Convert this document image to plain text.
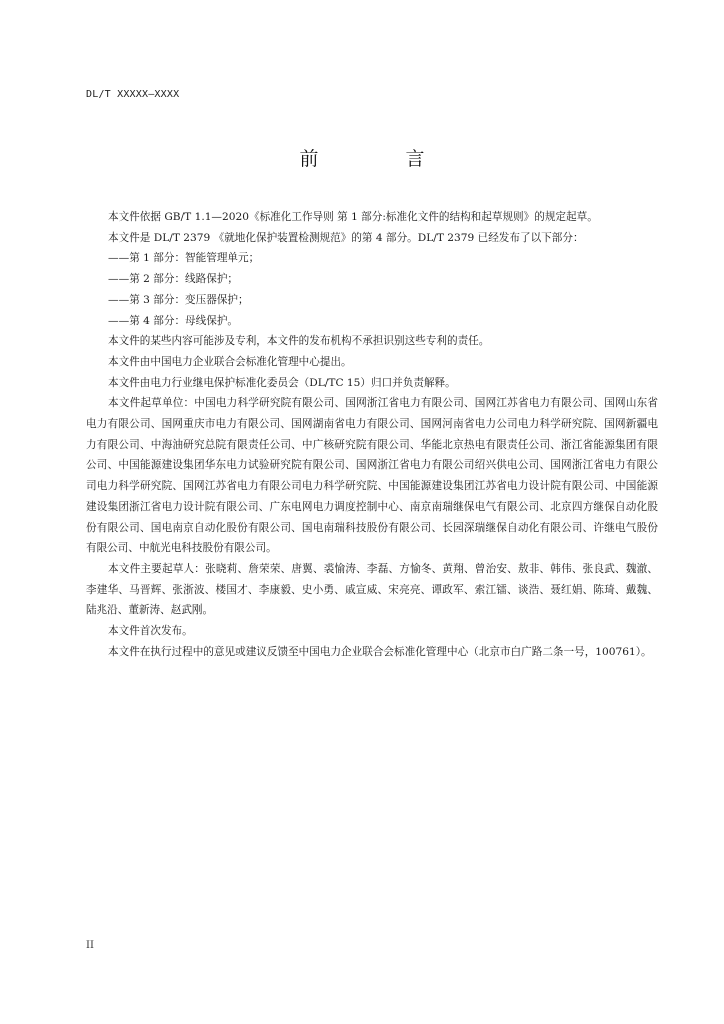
DL/T XXXXX—XXXX
前　言

本文件依据 GB/T 1.1—2020《标准化工作导则 第 1 部分:标准化文件的结构和起草规则》的规定起草。

本文件是 DL/T 2379 《就地化保护装置检测规范》的第 4 部分。DL/T 2379 已经发布了以下部分：

——第 1 部分：智能管理单元；

——第 2 部分：线路保护；

——第 3 部分：变压器保护；

——第 4 部分：母线保护。

本文件的某些内容可能涉及专利，本文件的发布机构不承担识别这些专利的责任。

本文件由中国电力企业联合会标准化管理中心提出。

本文件由电力行业继电保护标准化委员会（DL/TC 15）归口并负责解释。

本文件起草单位：中国电力科学研究院有限公司、国网浙江省电力有限公司、国网江苏省电力有限公司、国网山东省电力有限公司、国网重庆市电力有限公司、国网湖南省电力有限公司、国网河南省电力公司电力科学研究院、国网新疆电力有限公司、中海油研究总院有限责任公司、中广核研究院有限公司、华能北京热电有限责任公司、浙江省能源集团有限公司、中国能源建设集团华东电力试验研究院有限公司、国网浙江省电力有限公司绍兴供电公司、国网浙江省电力有限公司电力科学研究院、国网江苏省电力有限公司电力科学研究院、中国能源建设集团江苏省电力设计院有限公司、中国能源建设集团浙江省电力设计院有限公司、广东电网电力调度控制中心、南京南瑞继保电气有限公司、北京四方继保自动化股份有限公司、国电南京自动化股份有限公司、国电南瑞科技股份有限公司、长园深瑞继保自动化有限公司、许继电气股份有限公司、中航光电科技股份有限公司。

本文件主要起草人：张晓莉、詹荣荣、唐翼、裘愉涛、李磊、方愉冬、黄翔、曾治安、敖非、韩伟、张良武、魏澈、李建华、马晋辉、张浙波、楼国才、李康毅、史小勇、戚宣威、宋亮亮、谭政军、索江镭、谈浩、聂红娟、陈琦、戴魏、陆兆沿、董新涛、赵武刚。

本文件首次发布。

本文件在执行过程中的意见或建议反馈至中国电力企业联合会标准化管理中心（北京市白广路二条一号，100761）。

II
